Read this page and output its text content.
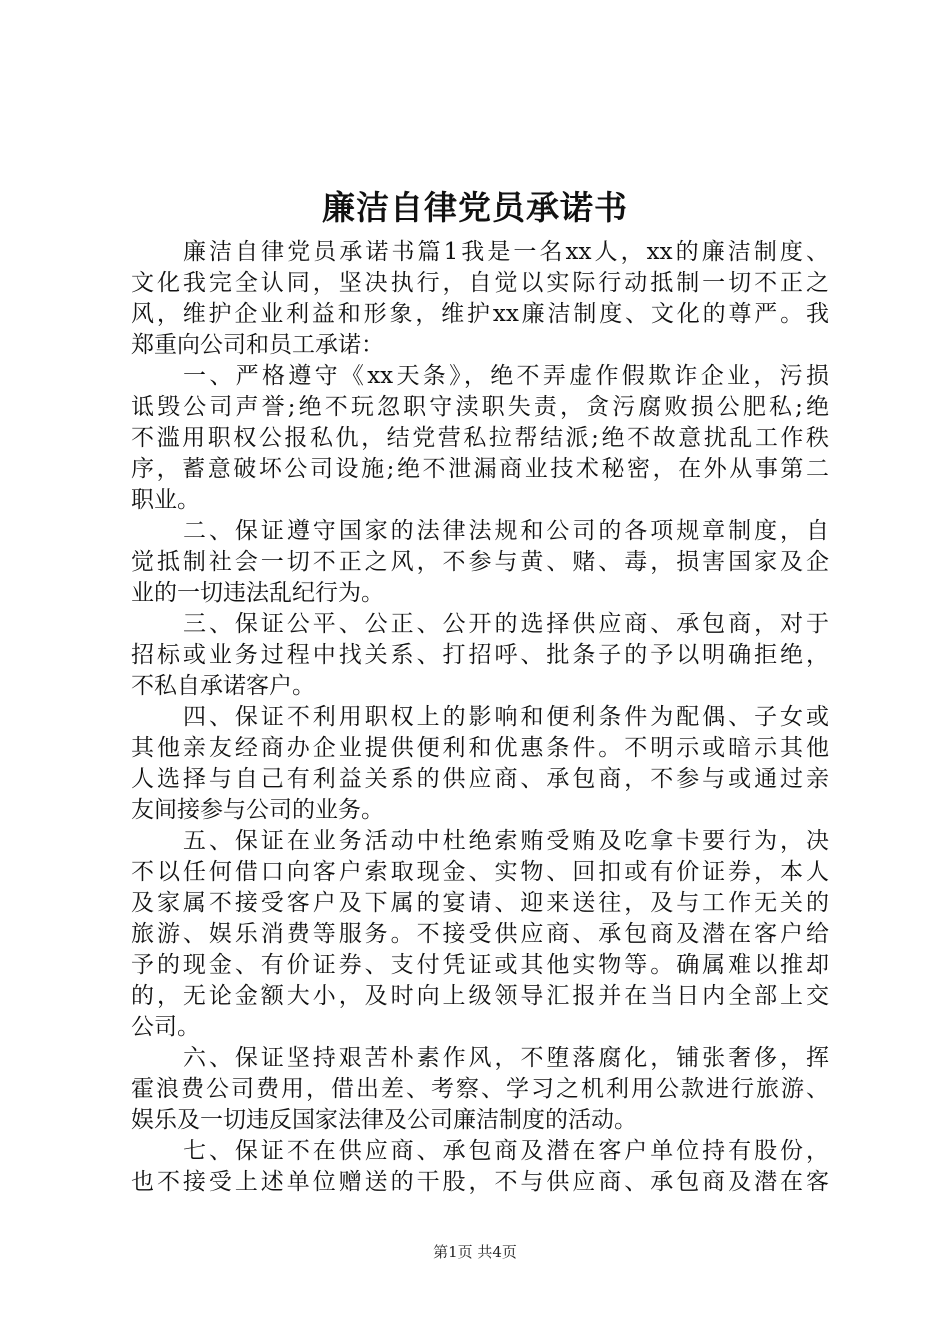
廉洁自律党员承诺书
廉洁自律党员承诺书篇1我是一名xx人，xx的廉洁制度、
文化我完全认同，坚决执行，自觉以实际行动抵制一切不正之
风，维护企业利益和形象，维护xx廉洁制度、文化的尊严。我
郑重向公司和员工承诺：
一、严格遵守《xx天条》，绝不弄虚作假欺诈企业，污损
诋毁公司声誉;绝不玩忽职守渎职失责，贪污腐败损公肥私;绝
不滥用职权公报私仇，结党营私拉帮结派;绝不故意扰乱工作秩
序，蓄意破坏公司设施;绝不泄漏商业技术秘密，在外从事第二
职业。
二、保证遵守国家的法律法规和公司的各项规章制度，自
觉抵制社会一切不正之风，不参与黄、赌、毒，损害国家及企
业的一切违法乱纪行为。
三、保证公平、公正、公开的选择供应商、承包商，对于
招标或业务过程中找关系、打招呼、批条子的予以明确拒绝，
不私自承诺客户。
四、保证不利用职权上的影响和便利条件为配偶、子女或
其他亲友经商办企业提供便利和优惠条件。不明示或暗示其他
人选择与自己有利益关系的供应商、承包商，不参与或通过亲
友间接参与公司的业务。
五、保证在业务活动中杜绝索贿受贿及吃拿卡要行为，决
不以任何借口向客户索取现金、实物、回扣或有价证券，本人
及家属不接受客户及下属的宴请、迎来送往，及与工作无关的
旅游、娱乐消费等服务。不接受供应商、承包商及潜在客户给
予的现金、有价证券、支付凭证或其他实物等。确属难以推却
的，无论金额大小，及时向上级领导汇报并在当日内全部上交
公司。
六、保证坚持艰苦朴素作风，不堕落腐化，铺张奢侈，挥
霍浪费公司费用，借出差、考察、学习之机利用公款进行旅游、
娱乐及一切违反国家法律及公司廉洁制度的活动。
七、保证不在供应商、承包商及潜在客户单位持有股份，
也不接受上述单位赠送的干股，不与供应商、承包商及潜在客
第1页 共4页
